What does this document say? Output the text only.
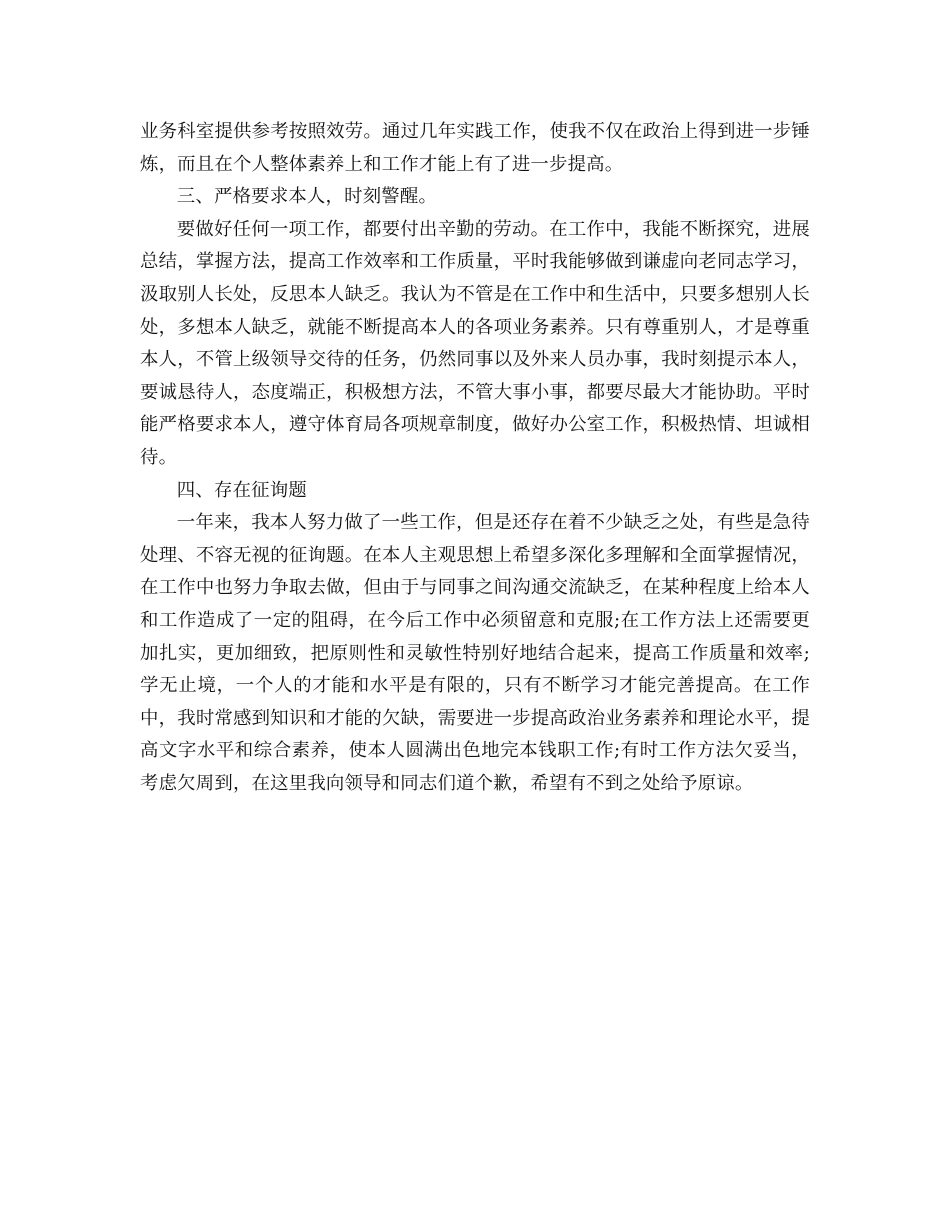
业务科室提供参考按照效劳。通过几年实践工作，使我不仅在政治上得到进一步锤炼，而且在个人整体素养上和工作才能上有了进一步提高。

三、严格要求本人，时刻警醒。

要做好任何一项工作，都要付出辛勤的劳动。在工作中，我能不断探究，进展总结，掌握方法，提高工作效率和工作质量，平时我能够做到谦虚向老同志学习，汲取别人长处，反思本人缺乏。我认为不管是在工作中和生活中，只要多想别人长处，多想本人缺乏，就能不断提高本人的各项业务素养。只有尊重别人，才是尊重本人，不管上级领导交待的任务，仍然同事以及外来人员办事，我时刻提示本人，要诚恳待人，态度端正，积极想方法，不管大事小事，都要尽最大才能协助。平时能严格要求本人，遵守体育局各项规章制度，做好办公室工作，积极热情、坦诚相待。

四、存在征询题

一年来，我本人努力做了一些工作，但是还存在着不少缺乏之处，有些是急待处理、不容无视的征询题。在本人主观思想上希望多深化多理解和全面掌握情况，在工作中也努力争取去做，但由于与同事之间沟通交流缺乏，在某种程度上给本人和工作造成了一定的阻碍，在今后工作中必须留意和克服;在工作方法上还需要更加扎实，更加细致，把原则性和灵敏性特别好地结合起来，提高工作质量和效率;学无止境，一个人的才能和水平是有限的，只有不断学习才能完善提高。在工作中，我时常感到知识和才能的欠缺，需要进一步提高政治业务素养和理论水平，提高文字水平和综合素养，使本人圆满出色地完本钱职工作;有时工作方法欠妥当，考虑欠周到，在这里我向领导和同志们道个歉，希望有不到之处给予原谅。
